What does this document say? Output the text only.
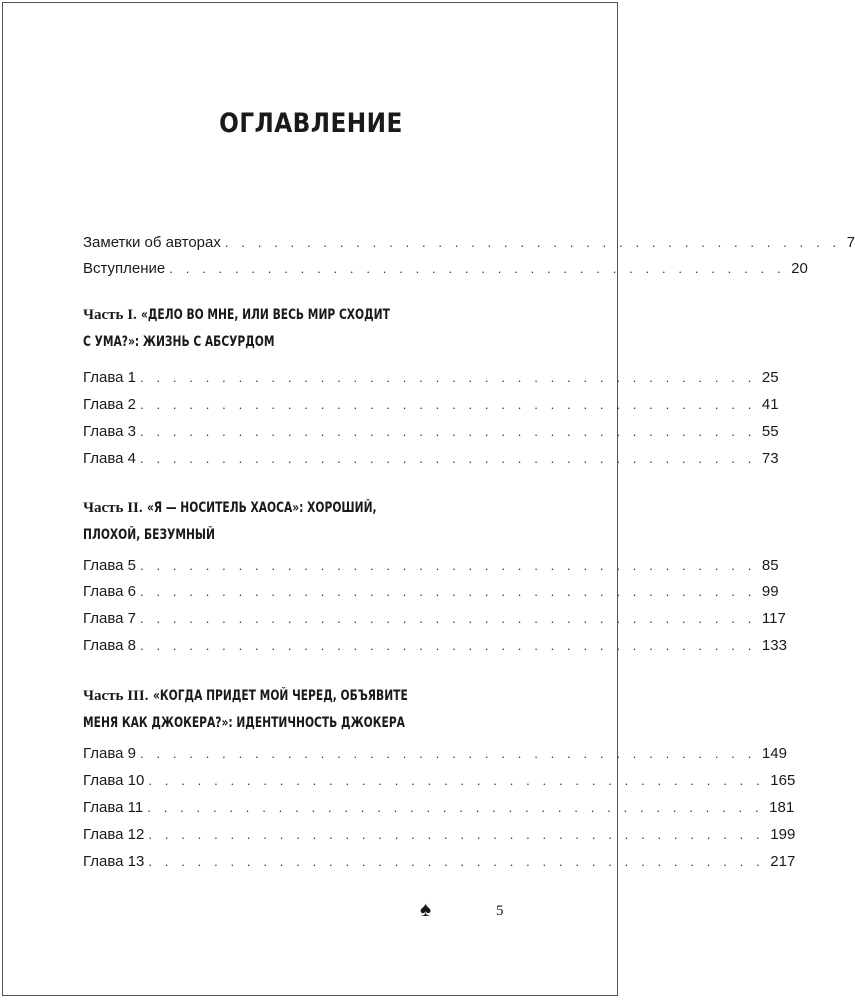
ОГЛАВЛЕНИЕ
Заметки об авторах . . . . . . . . . . . . . . . . . . . . . . . . . . . . . . . . . . . . . . 7
Вступление . . . . . . . . . . . . . . . . . . . . . . . . . . . . . . . . . . . . . . 20
Часть I. «ДЕЛО ВО МНЕ, ИЛИ ВЕСЬ МИР СХОДИТ
С УМА?»: ЖИЗНЬ С АБСУРДОМ
Глава 1 . . . . . . . . . . . . . . . . . . . . . . . . . . . . . . . . . . . . . . 25
Глава 2 . . . . . . . . . . . . . . . . . . . . . . . . . . . . . . . . . . . . . . 41
Глава 3 . . . . . . . . . . . . . . . . . . . . . . . . . . . . . . . . . . . . . . 55
Глава 4 . . . . . . . . . . . . . . . . . . . . . . . . . . . . . . . . . . . . . . 73
Часть II. «Я — НОСИТЕЛЬ ХАОСА»: ХОРОШИЙ,
ПЛОХОЙ, БЕЗУМНЫЙ
Глава 5 . . . . . . . . . . . . . . . . . . . . . . . . . . . . . . . . . . . . . . 85
Глава 6 . . . . . . . . . . . . . . . . . . . . . . . . . . . . . . . . . . . . . . 99
Глава 7 . . . . . . . . . . . . . . . . . . . . . . . . . . . . . . . . . . . . . . 117
Глава 8 . . . . . . . . . . . . . . . . . . . . . . . . . . . . . . . . . . . . . . 133
Часть III. «КОГДА ПРИДЕТ МОЙ ЧЕРЕД, ОБЪЯВИТЕ
МЕНЯ КАК ДЖОКЕРА?»: ИДЕНТИЧНОСТЬ ДЖОКЕРА
Глава 9 . . . . . . . . . . . . . . . . . . . . . . . . . . . . . . . . . . . . . . 149
Глава 10 . . . . . . . . . . . . . . . . . . . . . . . . . . . . . . . . . . . . . . 165
Глава 11 . . . . . . . . . . . . . . . . . . . . . . . . . . . . . . . . . . . . . . 181
Глава 12 . . . . . . . . . . . . . . . . . . . . . . . . . . . . . . . . . . . . . . 199
Глава 13 . . . . . . . . . . . . . . . . . . . . . . . . . . . . . . . . . . . . . . 217
♠	5
